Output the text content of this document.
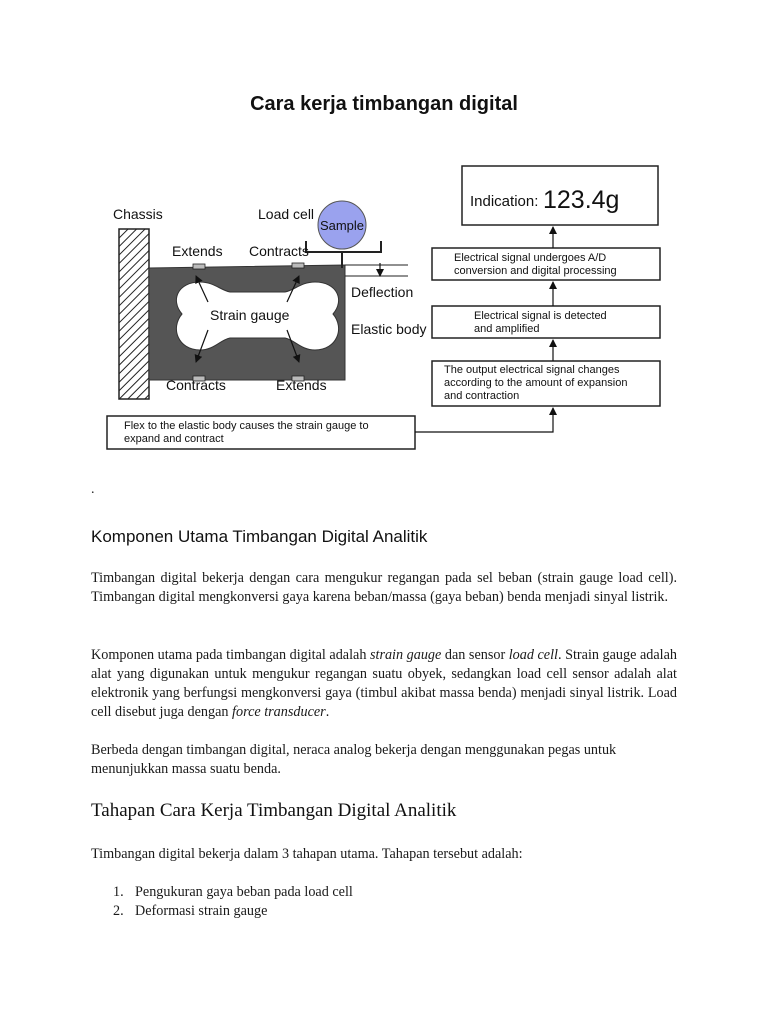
Cara kerja timbangan digital
Chassis	Load cell
Sample
Extends Contracts
Deflection
Strain gauge
Elastic body
Contracts	Extends
Indication: 123.4g
Electrical signal undergoes A/D
conversion and digital processing
Electrical signal is detected
and amplified
The output electrical signal changes
according to the amount of expansion
and contraction
Flex to the elastic body causes the strain gauge to
expand and contract
.
Komponen Utama Timbangan Digital Analitik

Timbangan digital bekerja dengan cara mengukur regangan pada sel beban (strain gauge load cell). Timbangan digital mengkonversi gaya karena beban/massa (gaya beban) benda menjadi sinyal listrik.

Komponen utama pada timbangan digital adalah strain gauge dan sensor load cell. Strain gauge adalah alat yang digunakan untuk mengukur regangan suatu obyek, sedangkan load cell sensor adalah alat elektronik yang berfungsi mengkonversi gaya (timbul akibat massa benda) menjadi sinyal listrik. Load cell disebut juga dengan force transducer.

Berbeda dengan timbangan digital, neraca analog bekerja dengan menggunakan pegas untuk menunjukkan massa suatu benda.

Tahapan Cara Kerja Timbangan Digital Analitik

Timbangan digital bekerja dalam 3 tahapan utama. Tahapan tersebut adalah:

1. Pengukuran gaya beban pada load cell
2. Deformasi strain gauge
